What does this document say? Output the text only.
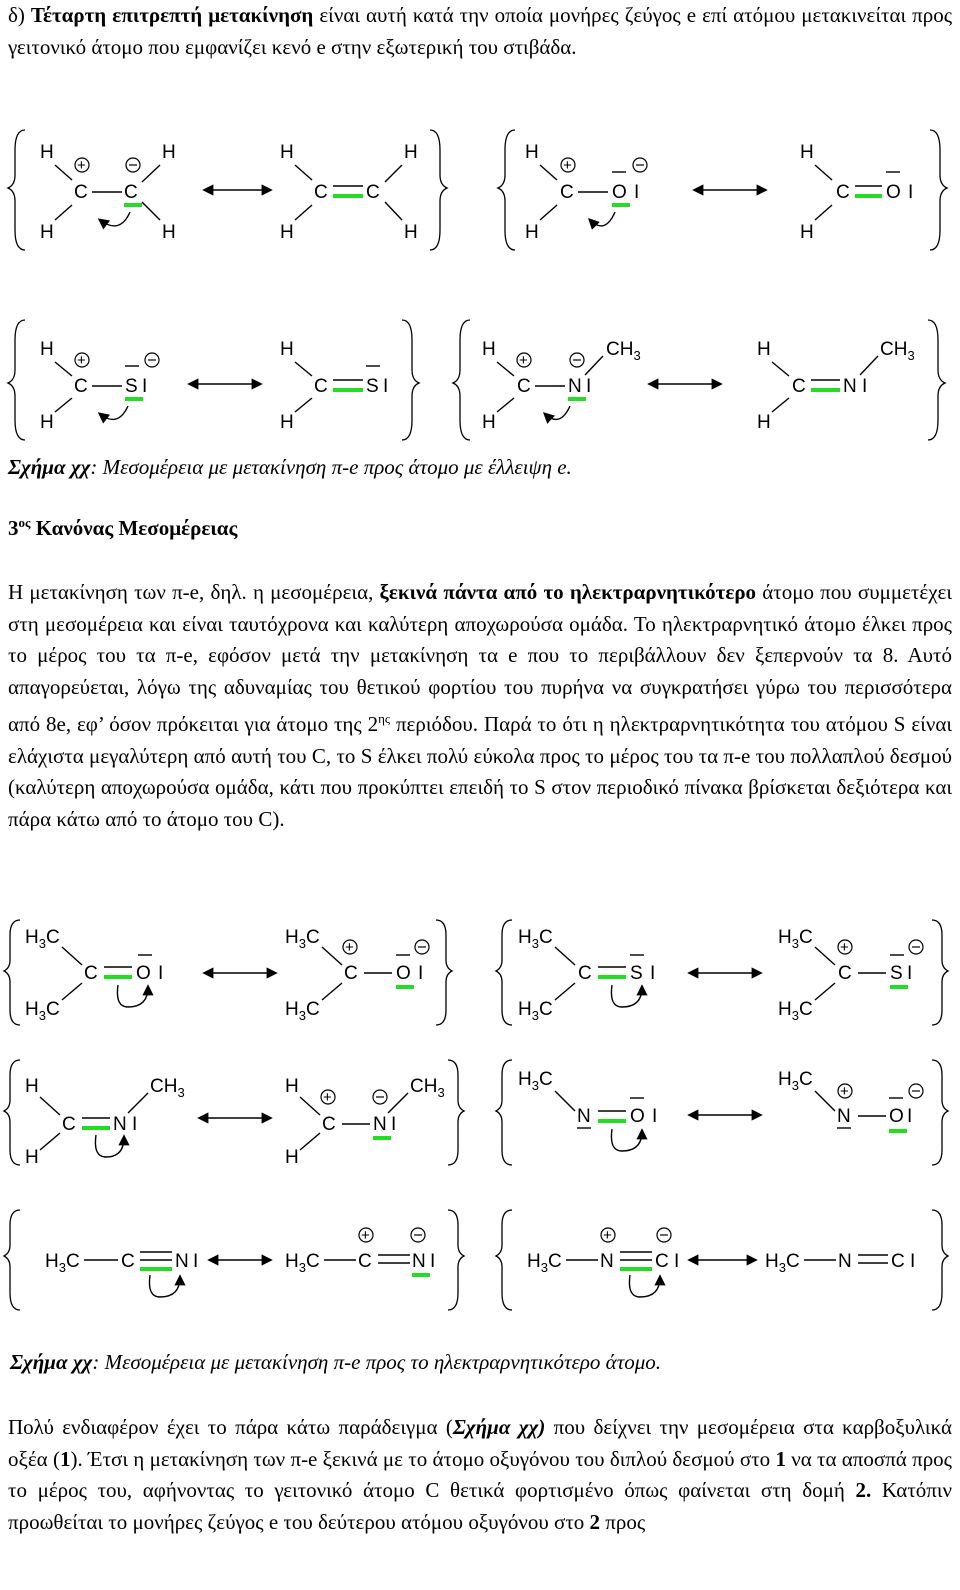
δ) Τέταρτη επιτρεπτή μετακίνηση είναι αυτή κατά την οποία μονήρες ζεύγος e επί ατόμου μετακινείται προς γειτονικό άτομο που εμφανίζει κενό e στην εξωτερική του στιβάδα.

H
H
C
+
C
H
H
H
H
C C
H
H
H
H
C
+
O I
H
H
C O I
H
H
C
+
S I
H
H
C S I
H
H
C
+
N I
$CH_3$	H
H
C N I
$CH_3$

Σχήμα χχ: Μεσομέρεια με μετακίνηση π-e προς άτομο με έλλειψη e.

$3^{o\varsigma}$ Κανόνας Μεσομέρειας

Η μετακίνηση των π-e, δηλ. η μεσομέρεια, ξεκινά πάντα από το ηλεκτραρνητικότερο άτομο που συμμετέχει στη μεσομέρεια και είναι ταυτόχρονα και καλύτερη αποχωρούσα ομάδα. Το ηλεκτραρνητικό άτομο έλκει προς το μέρος του τα π-e, εφόσον μετά την μετακίνηση τα e που το περιβάλλουν δεν ξεπερνούν τα 8. Αυτό απαγορεύεται, λόγω της αδυναμίας του θετικού φορτίου του πυρήνα να συγκρατήσει γύρω του περισσότερα από 8e, εφ’ όσον πρόκειται για άτομο της $2^{\eta\varsigma}$ περιόδου. Παρά το ότι η ηλεκτραρνητικότητα του ατόμου S είναι ελάχιστα μεγαλύτερη από αυτή του C, το S έλκει πολύ εύκολα προς το μέρος του τα π-e του πολλαπλού δεσμού (καλύτερη αποχωρούσα ομάδα, κάτι που προκύπτει επειδή το S στον περιοδικό πίνακα βρίσκεται δεξιότερα και πάρα κάτω από το άτομο του C).

$H_3C$
$H_3C$
C O I
$H_3C$
$H_3C$
C
+
O I
$H_3C$
$H_3C$
C S I
$H_3C$
$H_3C$
C
+
S I
H
H
C N I
$CH_3$	H
H
C
+
N I
$CH_3$
$H_3C$
N O I
$H_3C$
N
+
O I
$H_3C$ C N I	$H_3C$ C
+
N I	$H_3C$ N
+
C I	$H_3C$ N C I

Σχήμα χχ: Μεσομέρεια με μετακίνηση π-e προς το ηλεκτραρνητικότερο άτομο.

Πολύ ενδιαφέρον έχει το πάρα κάτω παράδειγμα (Σχήμα χχ) που δείχνει την μεσομέρεια στα καρβοξυλικά οξέα (1). Έτσι η μετακίνηση των π-e ξεκινά με το άτομο οξυγόνου του διπλού δεσμού στο 1 να τα αποσπά προς το μέρος του, αφήνοντας το γειτονικό άτομο C θετικά φορτισμένο όπως φαίνεται στη δομή 2. Κατόπιν προωθείται το μονήρες ζεύγος e του δεύτερου ατόμου οξυγόνου στο 2 προς
